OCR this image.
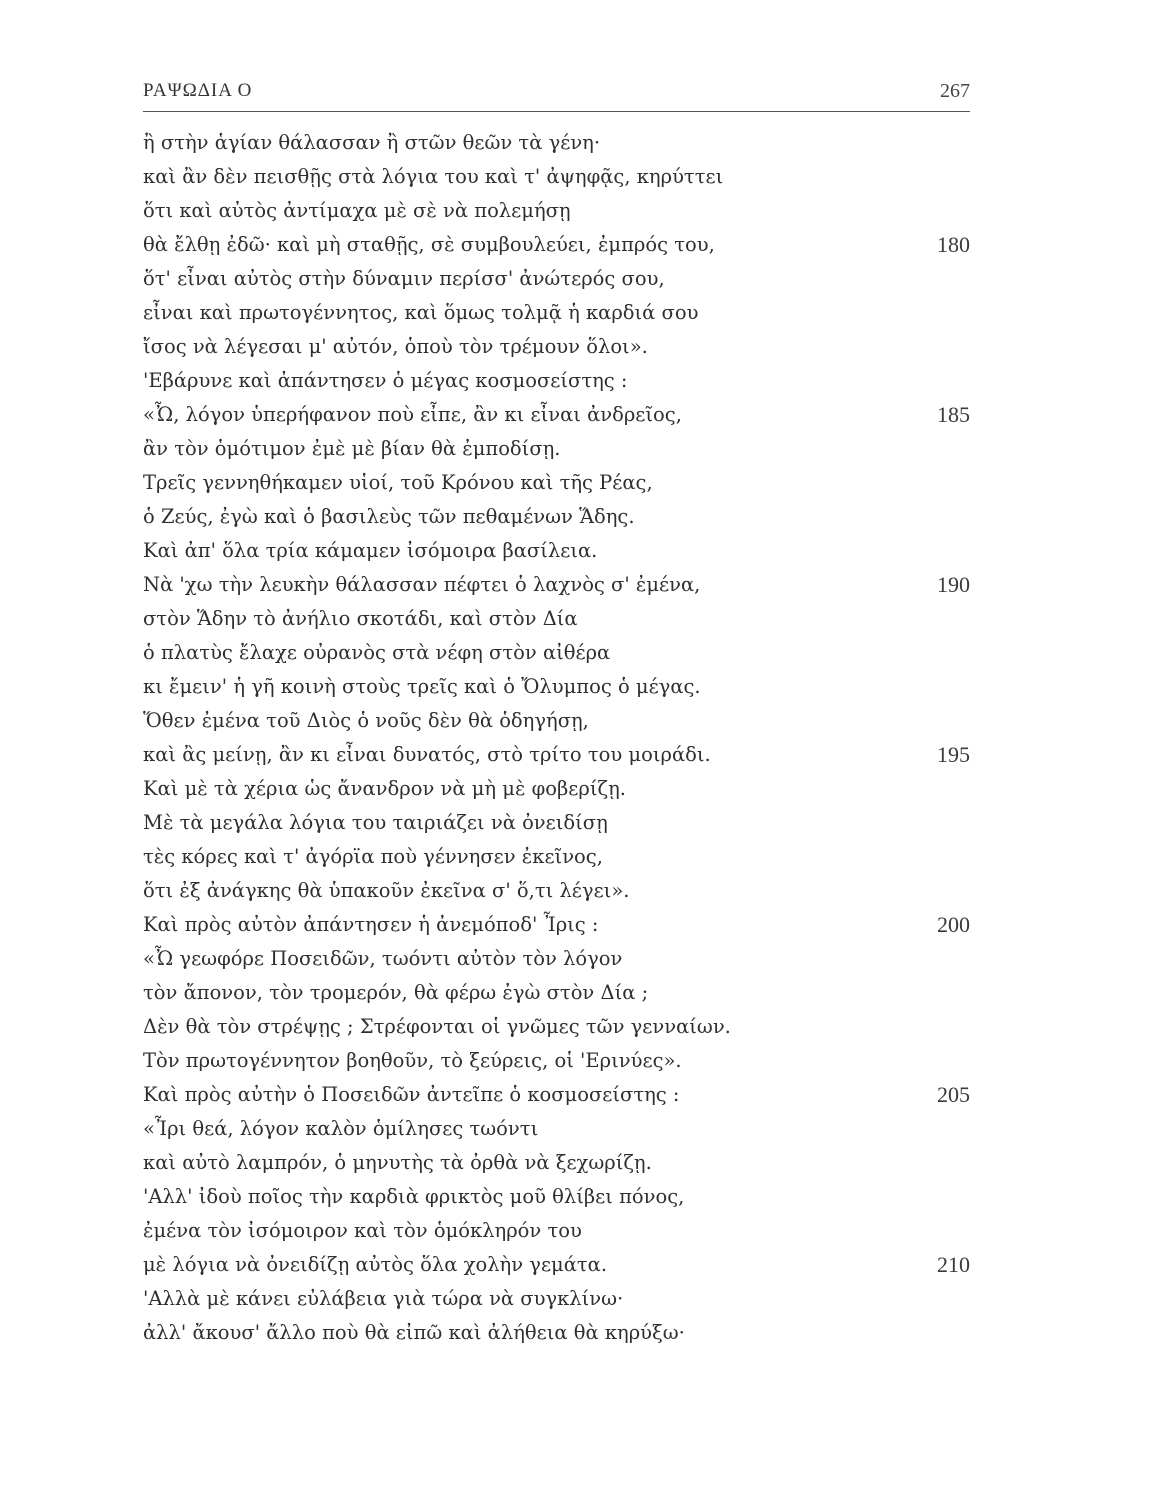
ΡΑΨΩΔΙΑ Ο	267
ἢ στὴν ἁγίαν θάλασσαν ἢ στῶν θεῶν τὰ γένη·
καὶ ἂν δὲν πεισθῇς στὰ λόγια του καὶ τ' ἀψηφᾷς, κηρύττει
ὅτι καὶ αὐτὸς ἀντίμαχα μὲ σὲ νὰ πολεμήσῃ
θὰ ἔλθῃ ἐδῶ· καὶ μὴ σταθῇς, σὲ συμβουλεύει, ἐμπρός του,	180
ὅτ' εἶναι αὐτὸς στὴν δύναμιν περίσσ' ἀνώτερός σου,
εἶναι καὶ πρωτογέννητος, καὶ ὅμως τολμᾷ ἡ καρδιά σου
ἴσος νὰ λέγεσαι μ' αὐτόν, ὁποὺ τὸν τρέμουν ὅλοι».
'Εβάρυνε καὶ ἀπάντησεν ὁ μέγας κοσμοσείστης :
«Ὦ, λόγον ὑπερήφανον ποὺ εἶπε, ἂν κι εἶναι ἀνδρεῖος,	185
ἂν τὸν ὁμότιμον ἐμὲ μὲ βίαν θὰ ἐμποδίσῃ.
Τρεῖς γεννηθήκαμεν υἱοί, τοῦ Κρόνου καὶ τῆς Ρέας,
ὁ Ζεύς, ἐγὼ καὶ ὁ βασιλεὺς τῶν πεθαμένων Ἅδης.
Καὶ ἀπ' ὅλα τρία κάμαμεν ἰσόμοιρα βασίλεια.
Νὰ 'χω τὴν λευκὴν θάλασσαν πέφτει ὁ λαχνὸς σ' ἐμένα,	190
στὸν Ἅδην τὸ ἀνήλιο σκοτάδι, καὶ στὸν Δία
ὁ πλατὺς ἔλαχε οὐρανὸς στὰ νέφη στὸν αἰθέρα
κι ἔμειν' ἡ γῆ κοινὴ στοὺς τρεῖς καὶ ὁ Ὄλυμπος ὁ μέγας.
Ὅθεν ἐμένα τοῦ Διὸς ὁ νοῦς δὲν θὰ ὁδηγήσῃ,
καὶ ἂς μείνῃ, ἂν κι εἶναι δυνατός, στὸ τρίτο του μοιράδι.	195
Καὶ μὲ τὰ χέρια ὡς ἄνανδρον νὰ μὴ μὲ φοβερίζῃ.
Μὲ τὰ μεγάλα λόγια του ταιριάζει νὰ ὀνειδίσῃ
τὲς κόρες καὶ τ' ἀγόρϊα ποὺ γέννησεν ἐκεῖνος,
ὅτι ἐξ ἀνάγκης θὰ ὑπακοῦν ἐκεῖνα σ' ὅ,τι λέγει».
Καὶ πρὸς αὐτὸν ἀπάντησεν ἡ ἀνεμόποδ' Ἶρις :	200
«Ὦ γεωφόρε Ποσειδῶν, τωόντι αὐτὸν τὸν λόγον
τὸν ἄπονον, τὸν τρομερόν, θὰ φέρω ἐγὼ στὸν Δία ;
Δὲν θὰ τὸν στρέψῃς ; Στρέφονται οἱ γνῶμες τῶν γενναίων.
Τὸν πρωτογέννητον βοηθοῦν, τὸ ξεύρεις, οἱ 'Ερινύες».
Καὶ πρὸς αὐτὴν ὁ Ποσειδῶν ἀντεῖπε ὁ κοσμοσείστης :	205
«Ἶρι θεά, λόγον καλὸν ὁμίλησες τωόντι
καὶ αὐτὸ λαμπρόν, ὁ μηνυτὴς τὰ ὀρθὰ νὰ ξεχωρίζῃ.
'Αλλ' ἰδοὺ ποῖος τὴν καρδιὰ φρικτὸς μοῦ θλίβει πόνος,
ἐμένα τὸν ἰσόμοιρον καὶ τὸν ὁμόκληρόν του
μὲ λόγια νὰ ὀνειδίζῃ αὐτὸς ὅλα χολὴν γεμάτα.	210
'Αλλὰ μὲ κάνει εὐλάβεια γιὰ τώρα νὰ συγκλίνω·
ἀλλ' ἄκουσ' ἄλλο ποὺ θὰ εἰπῶ καὶ ἀλήθεια θὰ κηρύξω·
